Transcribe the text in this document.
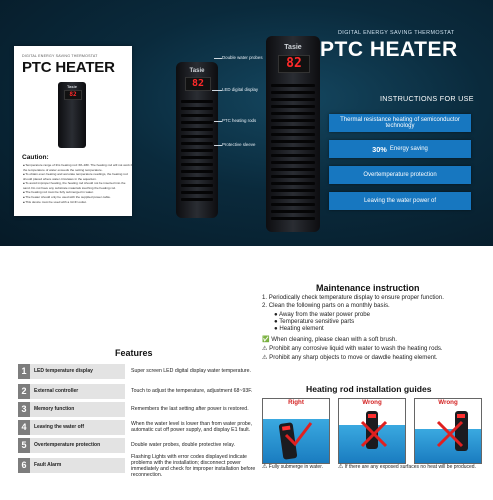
DIGITAL ENERGY SAVING THERMOSTAT
PTC HEATER
Tasie
82
Caution:
■ Temperature range of this heating rod: 68~93F. The heating rod will not work if the temperature of water exceeds the setting temperature.
■ To obtain even heating and accurate temperature readings, the heating rod should placed where water circulates in the aquarium.
■ To avoid improper heating, the heating rod should not be inserted into the sand. Do not have any substrate materials touching the heating rod.
■ The heating rod must be fully submerged in water.
■ The heater should only be used with the supplied power cable.
■ This device must be used with a GCFI outlet.
Tasie
82
Double water probes
LED digital display
PTC heating rods
Protective sleeve
Tasie
82
DIGITAL ENERGY SAVING THERMOSTAT
PTC HEATER
INSTRUCTIONS FOR USE
Thermal resistance heating of semiconductor technology
30% Energy saving
Overtemperature protection
Leaving the water power of
Features
1	LED temperature display	Super screen LED digital display water temperature.
2	External controller	Touch to adjust the temperature, adjustment 68~93F.
3	Memory function	Remembers the last setting after power is restored.
4	Leaving the water off	When the water level is lower than from water probe, automatic cut off power supply, and display E1 fault.
5	Overtemperature protection	Double water probes, double protective relay.
6	Fault Alarm
Flashing Lights with error codes displayed indicate problems with the installation; disconnect power immediately and check for improper installation before reconnection.
Maintenance instruction
1. Periodically check temperature display to ensure proper function.
2. Clean the following parts on a monthly basis.
● Away from the water power probe
● Temperature sensitive parts
● Heating element
✅ When cleaning, please clean with a soft brush.
⚠ Prohibit any corrosive liquid with water to wash the heating rods.
⚠ Prohibit any sharp objects to move or dawdle heating element.
Heating rod installation guides
Right	Wrong	Wrong
⚠ Fully submerge in water.	⚠ If there are any exposed surfaces no heat will be produced.
